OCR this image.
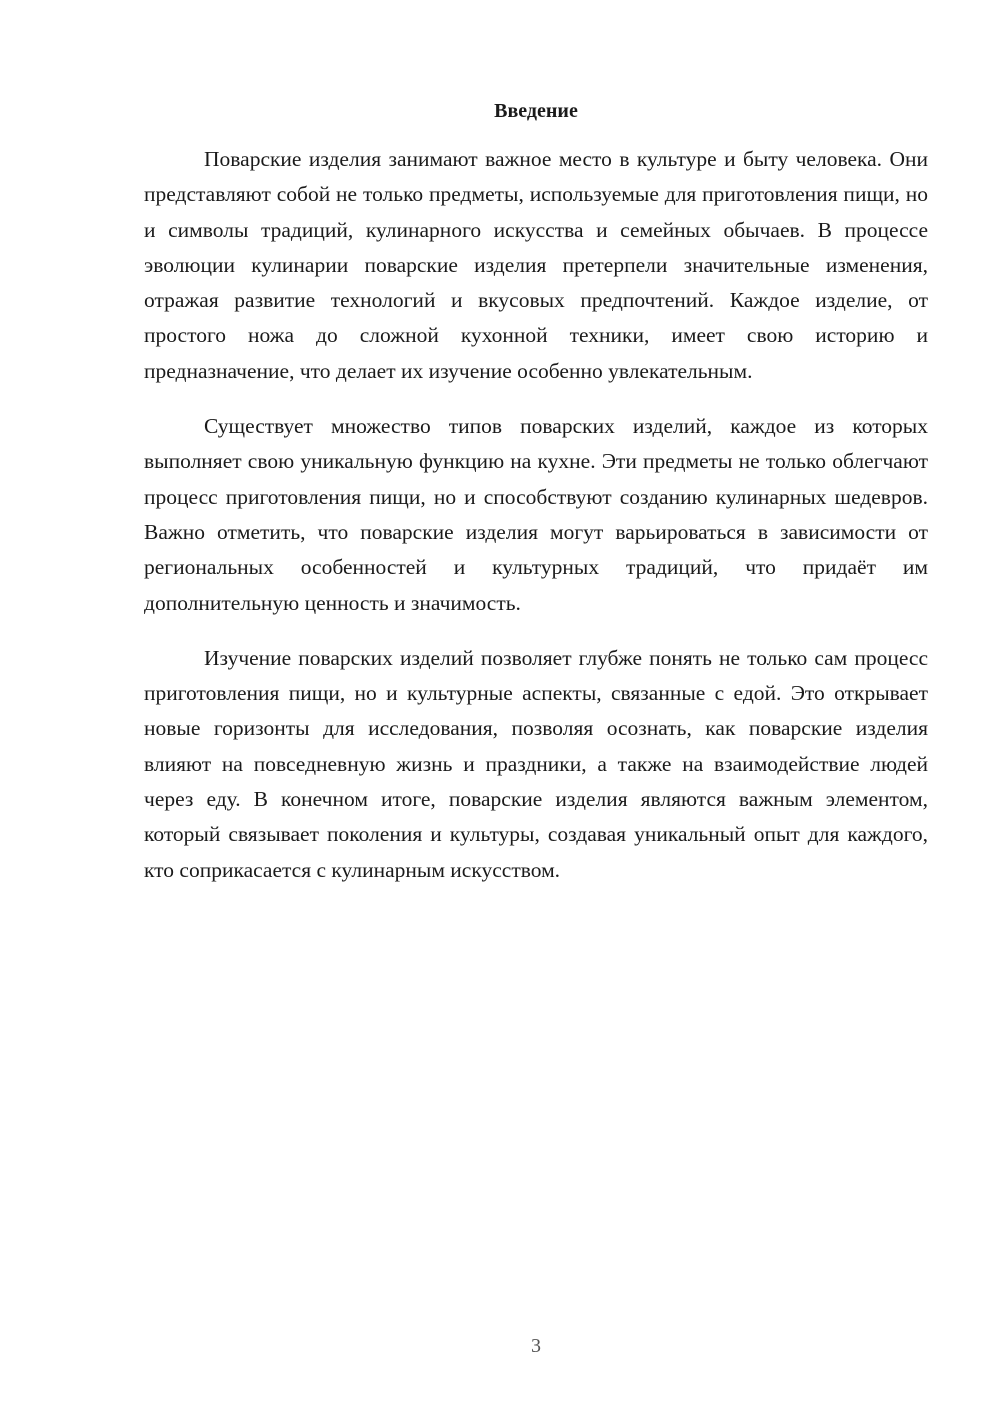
Введение

Поварские изделия занимают важное место в культуре и быту человека. Они представляют собой не только предметы, используемые для приготовления пищи, но и символы традиций, кулинарного искусства и семейных обычаев. В процессе эволюции кулинарии поварские изделия претерпели значительные изменения, отражая развитие технологий и вкусовых предпочтений. Каждое изделие, от простого ножа до сложной кухонной техники, имеет свою историю и предназначение, что делает их изучение особенно увлекательным.

Существует множество типов поварских изделий, каждое из которых выполняет свою уникальную функцию на кухне. Эти предметы не только облегчают процесс приготовления пищи, но и способствуют созданию кулинарных шедевров. Важно отметить, что поварские изделия могут варьироваться в зависимости от региональных особенностей и культурных традиций, что придаёт им дополнительную ценность и значимость.

Изучение поварских изделий позволяет глубже понять не только сам процесс приготовления пищи, но и культурные аспекты, связанные с едой. Это открывает новые горизонты для исследования, позволяя осознать, как поварские изделия влияют на повседневную жизнь и праздники, а также на взаимодействие людей через еду. В конечном итоге, поварские изделия являются важным элементом, который связывает поколения и культуры, создавая уникальный опыт для каждого, кто соприкасается с кулинарным искусством.

3
